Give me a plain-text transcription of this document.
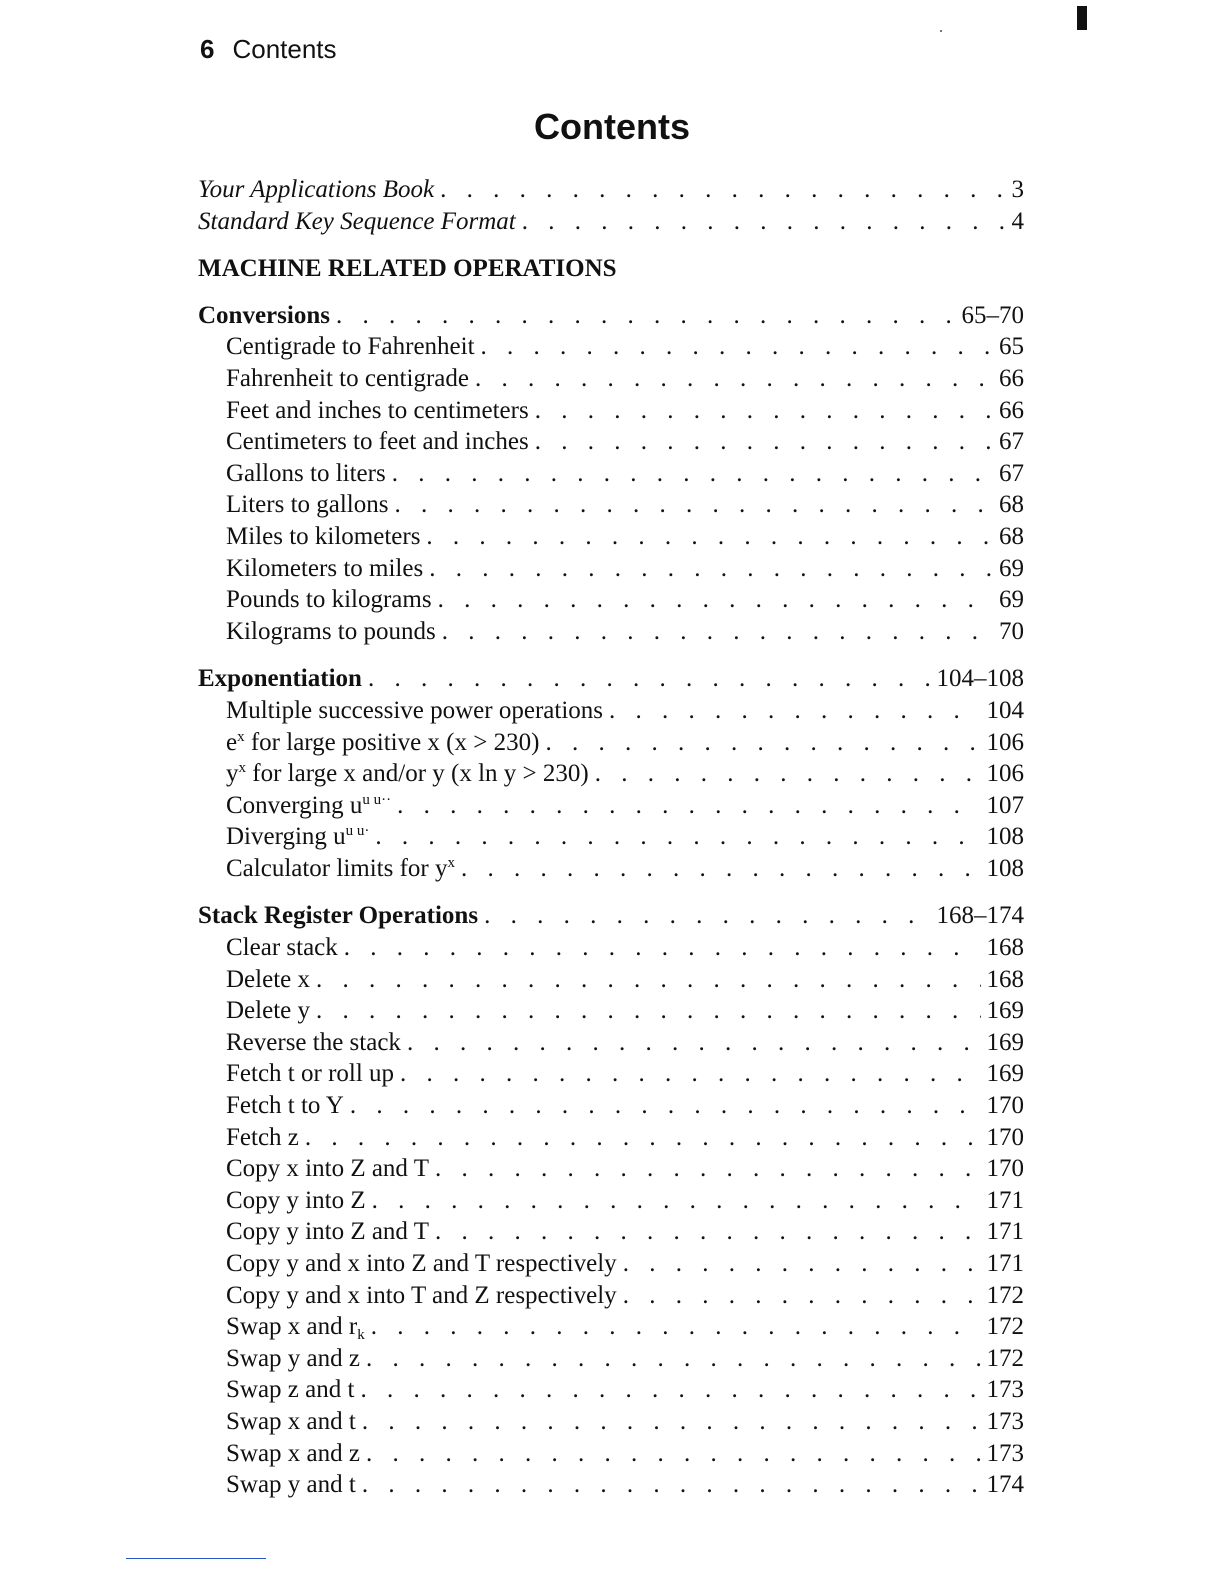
6 Contents
Contents
Your Applications Book . . .	3
Standard Key Sequence Format . . .	4
MACHINE RELATED OPERATIONS
Conversions . . .	65–70
Centigrade to Fahrenheit . . .	65
Fahrenheit to centigrade . . .	66
Feet and inches to centimeters . . .	66
Centimeters to feet and inches . . .	67
Gallons to liters . . .	67
Liters to gallons . . .	68
Miles to kilometers . . .	68
Kilometers to miles . . .	69
Pounds to kilograms . . .	69
Kilograms to pounds . . .	70
Exponentiation . . .	104–108
Multiple successive power operations . . .	104
$e^x$ for large positive x (x > 230) . . .	106
$y^x$ for large x and/or y (x ln y > 230) . . .	106
Converging $u^{u u\cdot\cdot}$ . . .	107
Diverging $u^{u u\cdot}$ . . .	108
Calculator limits for $y^x$ . . .	108
Stack Register Operations . . .	168–174
Clear stack . . .	168
Delete x . . .	168
Delete y . . .	169
Reverse the stack . . .	169
Fetch t or roll up . . .	169
Fetch t to Y . . .	170
Fetch z . . .	170
Copy x into Z and T . . .	170
Copy y into Z . . .	171
Copy y into Z and T . . .	171
Copy y and x into Z and T respectively . . .	171
Copy y and x into T and Z respectively . . .	172
Swap x and $r_k$ . . .	172
Swap y and z . . .	172
Swap z and t . . .	173
Swap x and t . . .	173
Swap x and z . . .	173
Swap y and t . . .	174
